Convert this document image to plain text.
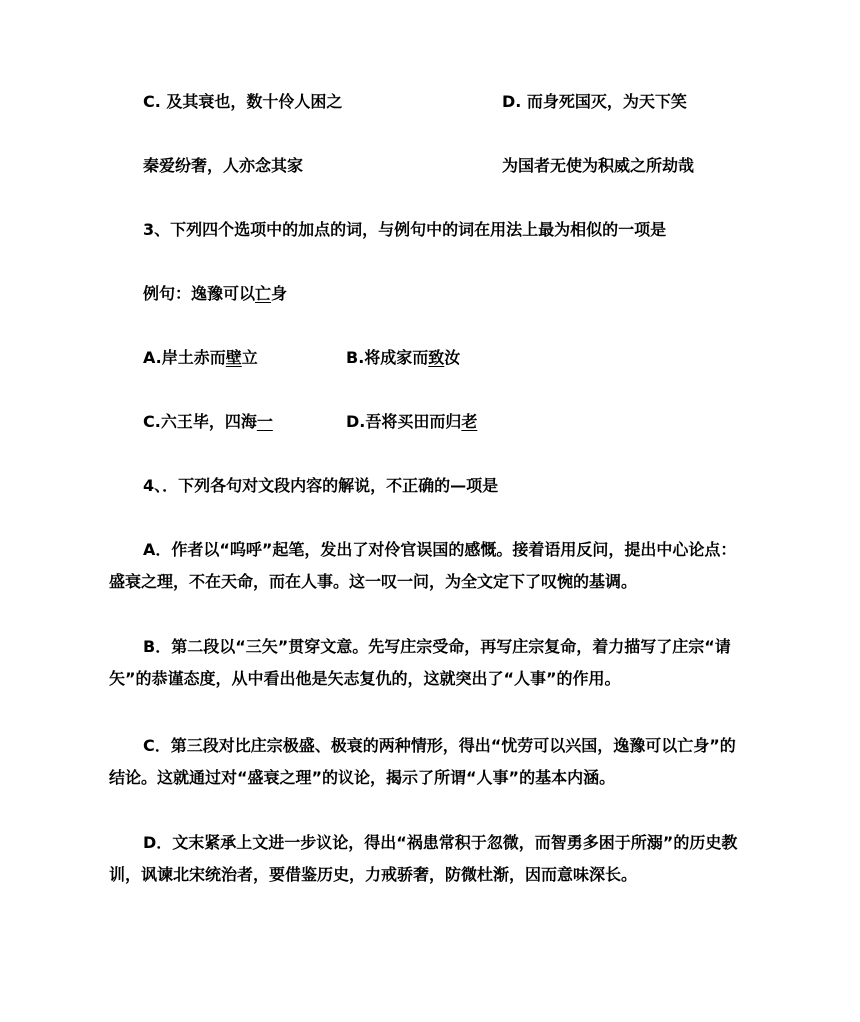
C. 及其衰也，数十伶人困之	D. 而身死国灭，为天下笑
秦爱纷奢，人亦念其家	为国者无使为积威之所劫哉
3、下列四个选项中的加点的词，与例句中的词在用法上最为相似的一项是
例句：逸豫可以亡身
A.岸土赤而壁立	B.将成家而致汝
C.六王毕，四海一	D.吾将买田而归老
4、．下列各句对文段内容的解说，不正确的—项是
A．作者以“呜呼”起笔，发出了对伶官误国的感慨。接着语用反问，提出中心论点：盛衰之理，不在天命，而在人事。这一叹一问，为全文定下了叹惋的基调。
B．第二段以“三矢”贯穿文意。先写庄宗受命，再写庄宗复命，着力描写了庄宗“请矢”的恭谨态度，从中看出他是矢志复仇的，这就突出了“人事”的作用。
C．第三段对比庄宗极盛、极衰的两种情形，得出“忧劳可以兴国，逸豫可以亡身”的结论。这就通过对“盛衰之理”的议论，揭示了所谓“人事”的基本内涵。
D．文末紧承上文进一步议论，得出“祸患常积于忽微，而智勇多困于所溺”的历史教训，讽谏北宋统治者，要借鉴历史，力戒骄奢，防微杜渐，因而意味深长。
